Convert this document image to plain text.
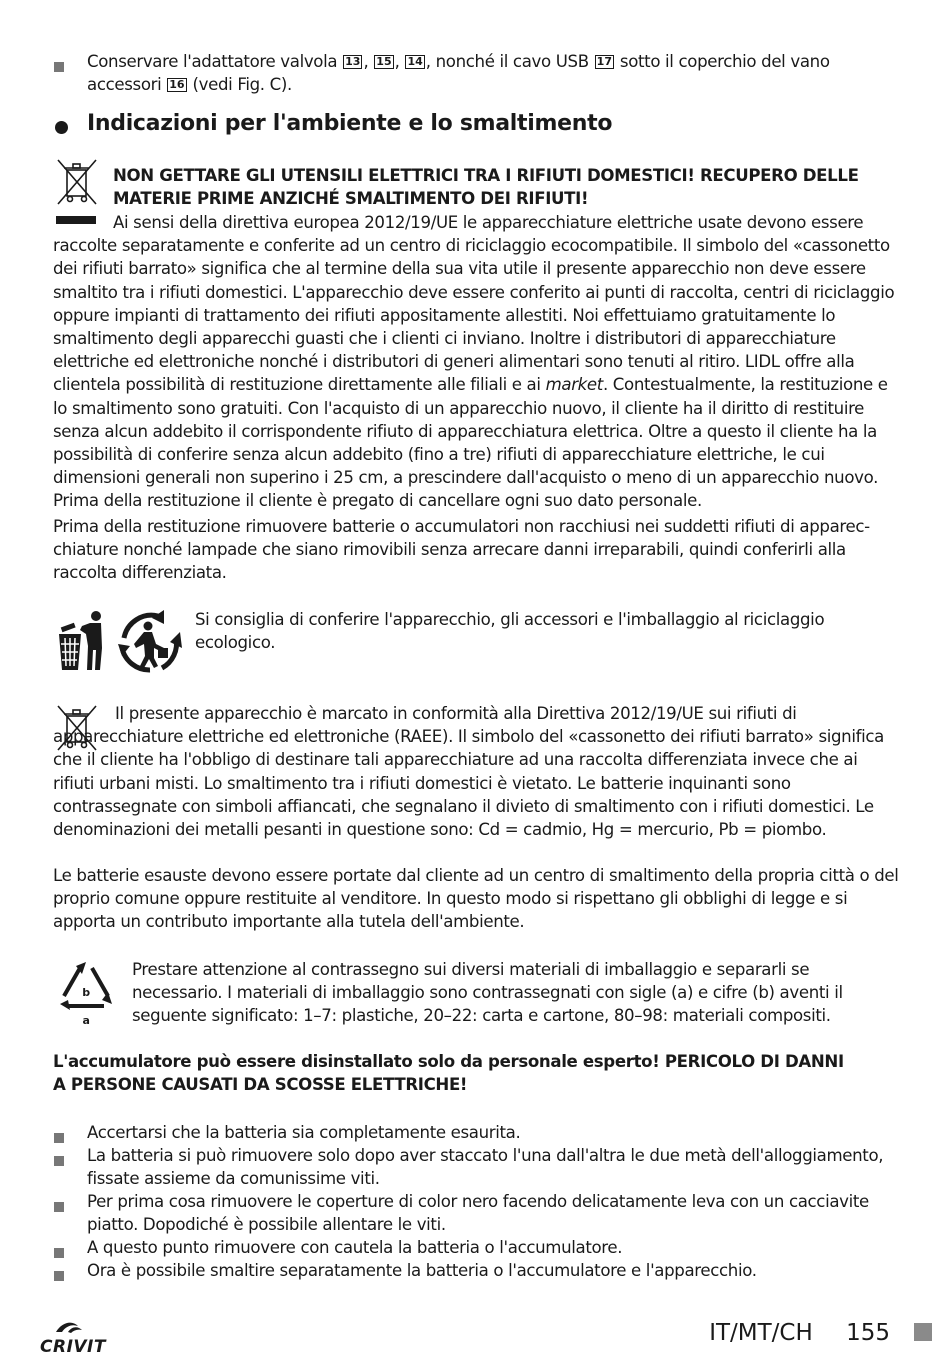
Conservare l'adattatore valvola 13 , 15 , 14 , nonché il cavo USB 17 sotto il coperchio del vano accessori 16 (vedi Fig. C).
Indicazioni per l'ambiente e lo smaltimento
NON GETTARE GLI UTENSILI ELETTRICI TRA I RIFIUTI DOMESTICI! RECUPERO DELLE MATERIE PRIME ANZICHÉ SMALTIMENTO DEI RIFIUTI!
Ai sensi della direttiva europea 2012/19/UE le apparecchiature elettriche usate devono essere raccolte separatamente e conferite ad un centro di riciclaggio ecocompatibile. Il simbolo del «cassonetto dei rifiuti barrato» significa che al termine della sua vita utile il presente apparecchio non deve essere smaltito tra i rifiuti domestici. L'apparecchio deve essere conferito ai punti di raccolta, centri di riciclaggio oppure impianti di trattamento dei rifiuti appositamente allestiti. Noi effettuiamo gratuitamente lo smaltimento degli apparecchi guasti che i clienti ci inviano. Inoltre i distributori di apparecchiature elettriche ed elettroniche nonché i distributori di generi alimentari sono tenuti al ritiro. LIDL offre alla clientela possibilità di restituzione direttamente alle filiali e ai market. Contestualmente, la restituzione e lo smaltimento sono gratuiti. Con l'acquisto di un apparecchio nuovo, il cliente ha il diritto di restituire senza alcun addebito il corrispondente rifiuto di apparecchiatura elettrica. Oltre a questo il cliente ha la possibilità di conferire senza alcun addebito (fino a tre) rifiuti di apparecchiature elettriche, le cui dimensioni generali non superino i 25 cm, a prescindere dall'acquisto o meno di un apparecchio nuovo. Prima della restituzione il cliente è pregato di cancellare ogni suo dato personale.
Prima della restituzione rimuovere batterie o accumulatori non racchiusi nei suddetti rifiuti di apparecchiature nonché lampade che siano rimovibili senza arrecare danni irreparabili, quindi conferirli alla raccolta differenziata.
Si consiglia di conferire l'apparecchio, gli accessori e l'imballaggio al riciclaggio ecologico.
Il presente apparecchio è marcato in conformità alla Direttiva 2012/19/UE sui rifiuti di apparecchiature elettriche ed elettroniche (RAEE). Il simbolo del «cassonetto dei rifiuti barrato» significa che il cliente ha l'obbligo di destinare tali apparecchiature ad una raccolta differenziata invece che ai rifiuti urbani misti. Lo smaltimento tra i rifiuti domestici è vietato. Le batterie inquinanti sono contrassegnate con simboli affiancati, che segnalano il divieto di smaltimento con i rifiuti domestici. Le denominazioni dei metalli pesanti in questione sono: Cd = cadmio, Hg = mercurio, Pb = piombo.
Le batterie esauste devono essere portate dal cliente ad un centro di smaltimento della propria città o del proprio comune oppure restituite al venditore. In questo modo si rispettano gli obblighi di legge e si apporta un contributo importante alla tutela dell'ambiente.
b
a
Prestare attenzione al contrassegno sui diversi materiali di imballaggio e separarli se necessario. I materiali di imballaggio sono contrassegnati con sigle (a) e cifre (b) aventi il seguente significato: 1–7: plastiche, 20–22: carta e cartone, 80–98: materiali compositi.
L'accumulatore può essere disinstallato solo da personale esperto! PERICOLO DI DANNI A PERSONE CAUSATI DA SCOSSE ELETTRICHE!
Accertarsi che la batteria sia completamente esaurita.
La batteria si può rimuovere solo dopo aver staccato l'una dall'altra le due metà dell'alloggiamento, fissate assieme da comunissime viti.
Per prima cosa rimuovere le coperture di color nero facendo delicatamente leva con un cacciavite piatto. Dopodiché è possibile allentare le viti.
A questo punto rimuovere con cautela la batteria o l'accumulatore.
Ora è possibile smaltire separatamente la batteria o l'accumulatore e l'apparecchio.
CRIVIT
IT/MT/CH 155
